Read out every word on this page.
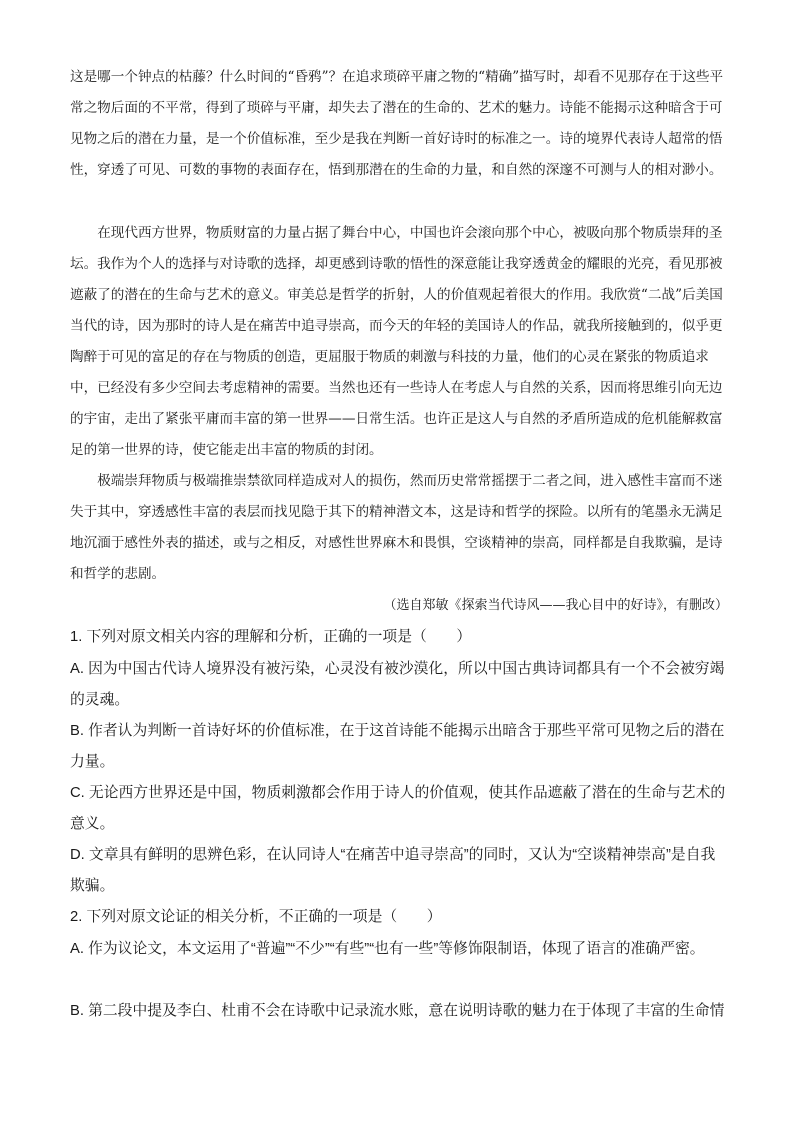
这是哪一个钟点的枯藤？什么时间的“昏鸦”？在追求琐碎平庸之物的“精确”描写时，却看不见那存在于这些平常之物后面的不平常，得到了琐碎与平庸，却失去了潜在的生命的、艺术的魅力。诗能不能揭示这种暗含于可见物之后的潜在力量，是一个价值标准，至少是我在判断一首好诗时的标准之一。诗的境界代表诗人超常的悟性，穿透了可见、可数的事物的表面存在，悟到那潜在的生命的力量，和自然的深邃不可测与人的相对渺小。

在现代西方世界，物质财富的力量占据了舞台中心，中国也许会滚向那个中心，被吸向那个物质崇拜的圣坛。我作为个人的选择与对诗歌的选择，却更感到诗歌的悟性的深意能让我穿透黄金的耀眼的光亮，看见那被遮蔽了的潜在的生命与艺术的意义。审美总是哲学的折射，人的价值观起着很大的作用。我欣赏“二战”后美国当代的诗，因为那时的诗人是在痛苦中追寻崇高，而今天的年轻的美国诗人的作品，就我所接触到的，似乎更陶醉于可见的富足的存在与物质的创造，更屈服于物质的刺激与科技的力量，他们的心灵在紧张的物质追求中，已经没有多少空间去考虑精神的需要。当然也还有一些诗人在考虑人与自然的关系，因而将思维引向无边的宇宙，走出了紧张平庸而丰富的第一世界——日常生活。也许正是这人与自然的矛盾所造成的危机能解救富足的第一世界的诗，使它能走出丰富的物质的封闭。

极端崇拜物质与极端推崇禁欲同样造成对人的损伤，然而历史常常摇摆于二者之间，进入感性丰富而不迷失于其中，穿透感性丰富的表层而找见隐于其下的精神潜文本，这是诗和哲学的探险。以所有的笔墨永无满足地沉湎于感性外表的描述，或与之相反，对感性世界麻木和畏惧，空谈精神的崇高，同样都是自我欺骗，是诗和哲学的悲剧。

（选自郑敏《探索当代诗风——我心目中的好诗》，有删改）

1. 下列对原文相关内容的理解和分析，正确的一项是（　　）

A. 因为中国古代诗人境界没有被污染，心灵没有被沙漠化，所以中国古典诗词都具有一个不会被穷竭的灵魂。

B. 作者认为判断一首诗好坏的价值标准，在于这首诗能不能揭示出暗含于那些平常可见物之后的潜在力量。

C. 无论西方世界还是中国，物质刺激都会作用于诗人的价值观，使其作品遮蔽了潜在的生命与艺术的意义。

D. 文章具有鲜明的思辨色彩，在认同诗人“在痛苦中追寻崇高”的同时，又认为“空谈精神崇高”是自我欺骗。

2. 下列对原文论证的相关分析，不正确的一项是（　　）

A. 作为议论文，本文运用了“普遍”“不少”“有些”“也有一些”等修饰限制语，体现了语言的准确严密。

B. 第二段中提及李白、杜甫不会在诗歌中记录流水账，意在说明诗歌的魅力在于体现了丰富的生命情
